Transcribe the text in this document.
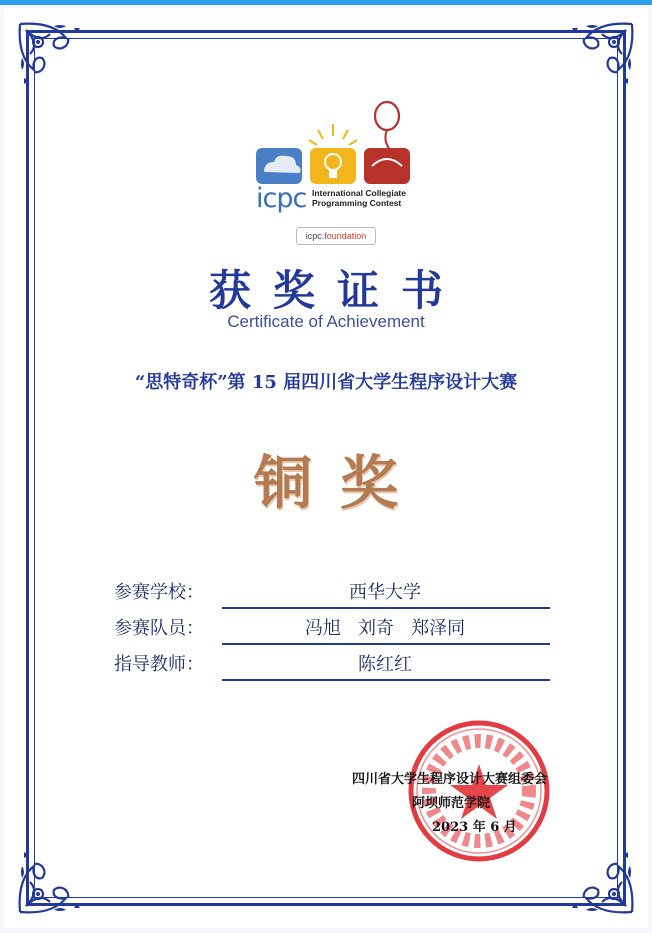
icpc International Collegiate
Programming Contest
icpc.foundation
获奖证书
Certificate of Achievement
“思特奇杯”第 15 届四川省大学生程序设计大赛
铜奖
参赛学校：	西华大学
参赛队员：	冯旭   刘奇   郑泽同
指导教师：	陈红红
四川省大学生程序设计大赛组委会
阿坝师范学院
2023 年 6 月
